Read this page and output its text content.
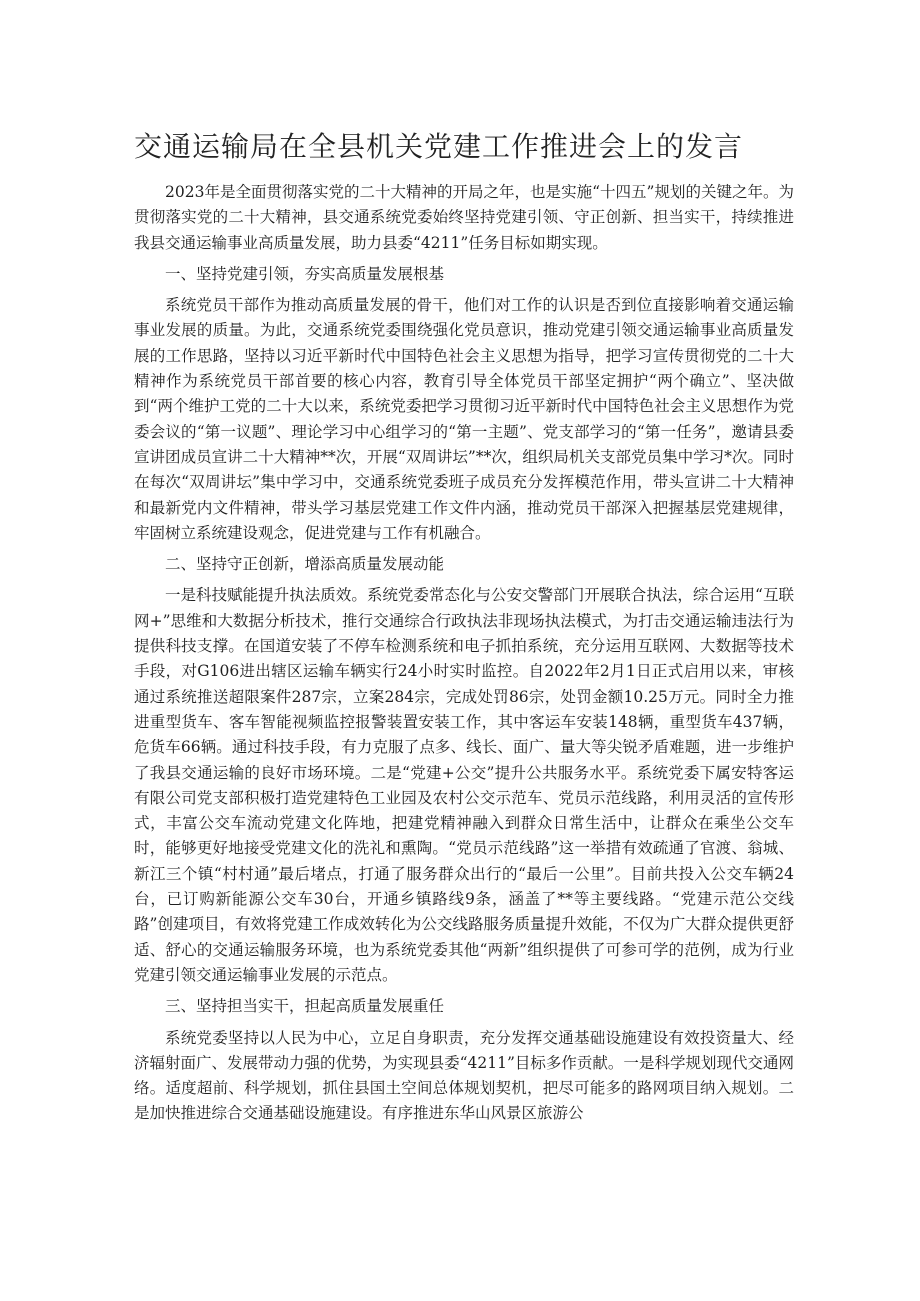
交通运输局在全县机关党建工作推进会上的发言

2023年是全面贯彻落实党的二十大精神的开局之年，也是实施“十四五”规划的关键之年。为贯彻落实党的二十大精神，县交通系统党委始终坚持党建引领、守正创新、担当实干，持续推进我县交通运输事业高质量发展，助力县委“4211”任务目标如期实现。

一、坚持党建引领，夯实高质量发展根基

系统党员干部作为推动高质量发展的骨干，他们对工作的认识是否到位直接影响着交通运输事业发展的质量。为此，交通系统党委围绕强化党员意识，推动党建引领交通运输事业高质量发展的工作思路，坚持以习近平新时代中国特色社会主义思想为指导，把学习宣传贯彻党的二十大精神作为系统党员干部首要的核心内容，教育引导全体党员干部坚定拥护“两个确立”、坚决做到“两个维护工党的二十大以来，系统党委把学习贯彻习近平新时代中国特色社会主义思想作为党委会议的“第一议题”、理论学习中心组学习的“第一主题”、党支部学习的“第一任务”，邀请县委宣讲团成员宣讲二十大精神**次，开展“双周讲坛”**次，组织局机关支部党员集中学习*次。同时在每次“双周讲坛”集中学习中，交通系统党委班子成员充分发挥模范作用，带头宣讲二十大精神和最新党内文件精神，带头学习基层党建工作文件内涵，推动党员干部深入把握基层党建规律，牢固树立系统建设观念，促进党建与工作有机融合。

二、坚持守正创新，增添高质量发展动能

一是科技赋能提升执法质效。系统党委常态化与公安交警部门开展联合执法，综合运用“互联网+”思维和大数据分析技术，推行交通综合行政执法非现场执法模式，为打击交通运输违法行为提供科技支撑。在国道安装了不停车检测系统和电子抓拍系统，充分运用互联网、大数据等技术手段，对G106进出辖区运输车辆实行24小时实时监控。自2022年2月1日正式启用以来，审核通过系统推送超限案件287宗，立案284宗，完成处罚86宗，处罚金额10.25万元。同时全力推进重型货车、客车智能视频监控报警装置安装工作，其中客运车安装148辆，重型货车437辆，危货车66辆。通过科技手段，有力克服了点多、线长、面广、量大等尖锐矛盾难题，进一步维护了我县交通运输的良好市场环境。二是“党建+公交”提升公共服务水平。系统党委下属安特客运有限公司党支部积极打造党建特色工业园及农村公交示范车、党员示范线路，利用灵活的宣传形式，丰富公交车流动党建文化阵地，把建党精神融入到群众日常生活中，让群众在乘坐公交车时，能够更好地接受党建文化的洗礼和熏陶。“党员示范线路”这一举措有效疏通了官渡、翁城、新江三个镇“村村通”最后堵点，打通了服务群众出行的“最后一公里”。目前共投入公交车辆24台，已订购新能源公交车30台，开通乡镇路线9条，涵盖了**等主要线路。“党建示范公交线路”创建项目，有效将党建工作成效转化为公交线路服务质量提升效能，不仅为广大群众提供更舒适、舒心的交通运输服务环境，也为系统党委其他“两新”组织提供了可参可学的范例，成为行业党建引领交通运输事业发展的示范点。

三、坚持担当实干，担起高质量发展重任

系统党委坚持以人民为中心，立足自身职责，充分发挥交通基础设施建设有效投资量大、经济辐射面广、发展带动力强的优势，为实现县委“4211”目标多作贡献。一是科学规划现代交通网络。适度超前、科学规划，抓住县国土空间总体规划契机，把尽可能多的路网项目纳入规划。二是加快推进综合交通基础设施建设。有序推进东华山风景区旅游公
